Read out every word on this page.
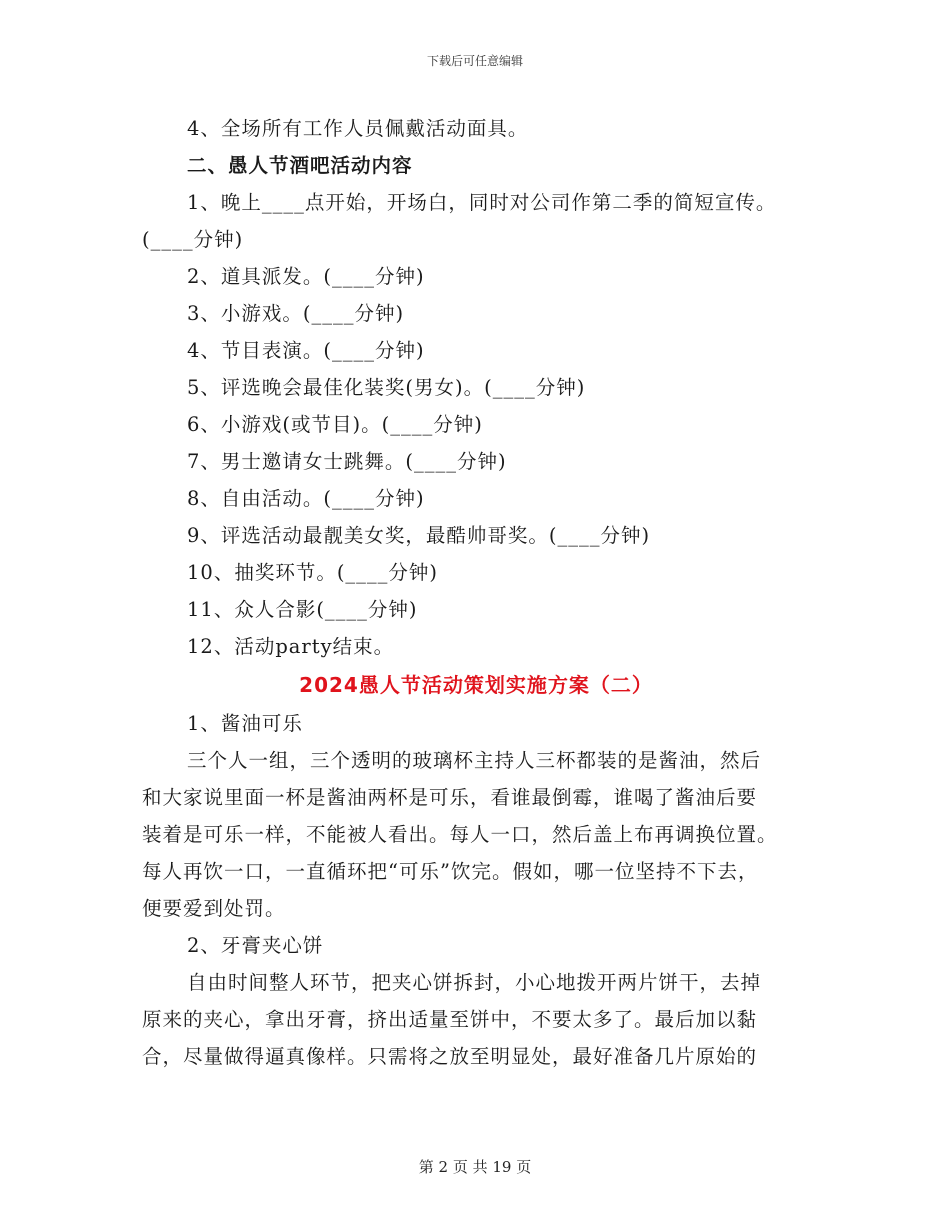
下载后可任意编辑
4、全场所有工作人员佩戴活动面具。
二、愚人节酒吧活动内容
1、晚上____点开始，开场白，同时对公司作第二季的简短宣传。
(____分钟)
2、道具派发。(____分钟)
3、小游戏。(____分钟)
4、节目表演。(____分钟)
5、评选晚会最佳化装奖(男女)。(____分钟)
6、小游戏(或节目)。(____分钟)
7、男士邀请女士跳舞。(____分钟)
8、自由活动。(____分钟)
9、评选活动最靓美女奖，最酷帅哥奖。(____分钟)
10、抽奖环节。(____分钟)
11、众人合影(____分钟)
12、活动party结束。
2024愚人节活动策划实施方案（二）
1、酱油可乐
三个人一组，三个透明的玻璃杯主持人三杯都装的是酱油，然后
和大家说里面一杯是酱油两杯是可乐，看谁最倒霉，谁喝了酱油后要
装着是可乐一样，不能被人看出。每人一口，然后盖上布再调换位置。
每人再饮一口，一直循环把“可乐”饮完。假如，哪一位坚持不下去，
便要爱到处罚。
2、牙膏夹心饼
自由时间整人环节，把夹心饼拆封，小心地拨开两片饼干，去掉
原来的夹心，拿出牙膏，挤出适量至饼中，不要太多了。最后加以黏
合，尽量做得逼真像样。只需将之放至明显处，最好准备几片原始的
第 2 页 共 19 页
